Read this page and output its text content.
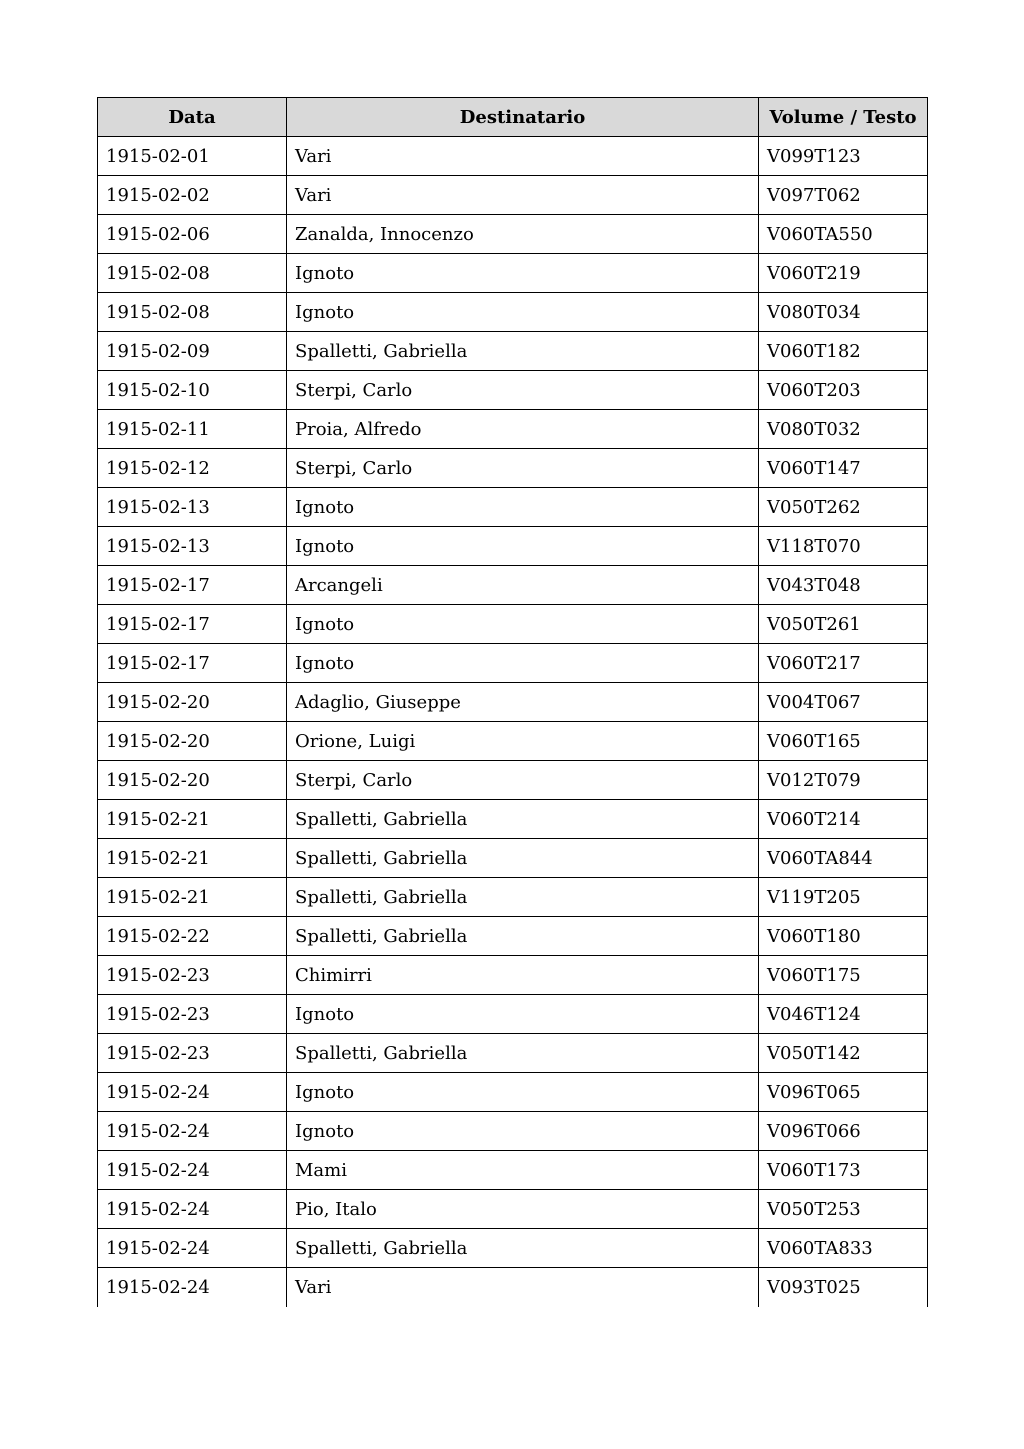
Data	Destinatario	Volume / Testo
1915-02-01	Vari	V099T123
1915-02-02	Vari	V097T062
1915-02-06	Zanalda, Innocenzo	V060TA550
1915-02-08	Ignoto	V060T219
1915-02-08	Ignoto	V080T034
1915-02-09	Spalletti, Gabriella	V060T182
1915-02-10	Sterpi, Carlo	V060T203
1915-02-11	Proia, Alfredo	V080T032
1915-02-12	Sterpi, Carlo	V060T147
1915-02-13	Ignoto	V050T262
1915-02-13	Ignoto	V118T070
1915-02-17	Arcangeli	V043T048
1915-02-17	Ignoto	V050T261
1915-02-17	Ignoto	V060T217
1915-02-20	Adaglio, Giuseppe	V004T067
1915-02-20	Orione, Luigi	V060T165
1915-02-20	Sterpi, Carlo	V012T079
1915-02-21	Spalletti, Gabriella	V060T214
1915-02-21	Spalletti, Gabriella	V060TA844
1915-02-21	Spalletti, Gabriella	V119T205
1915-02-22	Spalletti, Gabriella	V060T180
1915-02-23	Chimirri	V060T175
1915-02-23	Ignoto	V046T124
1915-02-23	Spalletti, Gabriella	V050T142
1915-02-24	Ignoto	V096T065
1915-02-24	Ignoto	V096T066
1915-02-24	Mami	V060T173
1915-02-24	Pio, Italo	V050T253
1915-02-24	Spalletti, Gabriella	V060TA833
1915-02-24	Vari	V093T025
